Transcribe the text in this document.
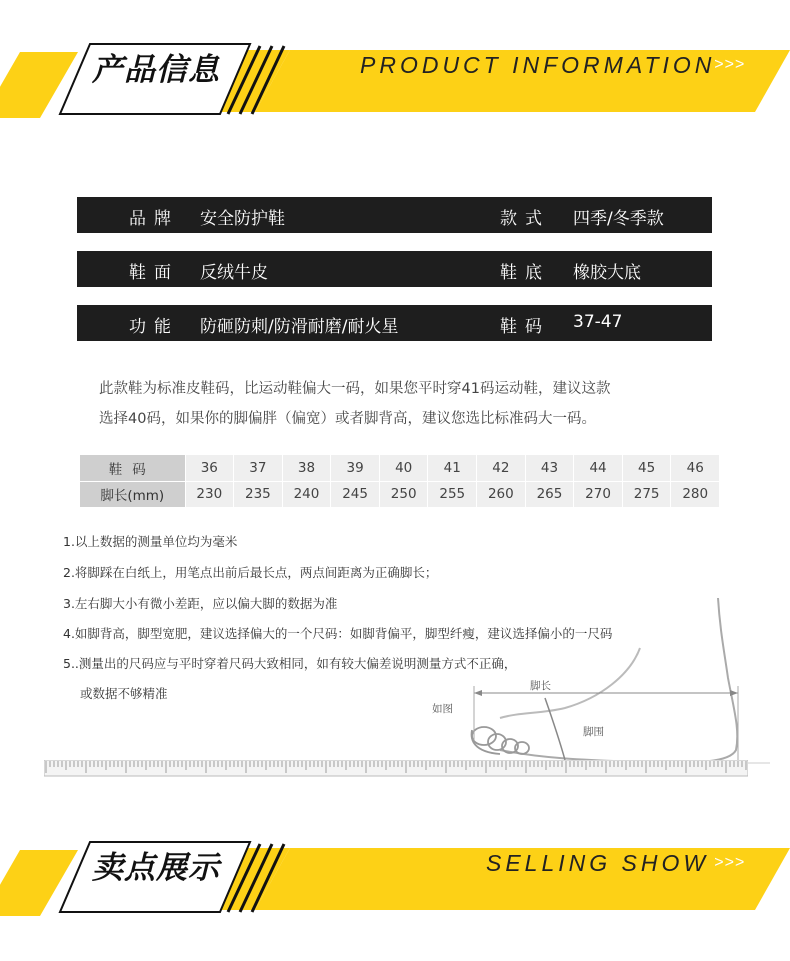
产品信息	PRODUCT INFORMATION
>>>
品牌 安全防护鞋	款式 四季/冬季款
鞋面 反绒牛皮	鞋底 橡胶大底
功能 防砸防刺/防滑耐磨/耐火星	鞋码 37-47
此款鞋为标准皮鞋码，比运动鞋偏大一码，如果您平时穿41码运动鞋，建议这款
选择40码，如果你的脚偏胖（偏宽）或者脚背高，建议您选比标准码大一码。
鞋码	36	37	38	39	40	41	42	43	44	45	46
脚长(mm)	230	235	240	245	250	255	260	265	270	275	280
脚长
如图
脚围
1.以上数据的测量单位均为毫米
2.将脚踩在白纸上，用笔点出前后最长点，两点间距离为正确脚长；
3.左右脚大小有微小差距，应以偏大脚的数据为准
4.如脚背高，脚型宽肥，建议选择偏大的一个尺码：如脚背偏平，脚型纤瘦，建议选择偏小的一尺码
5..测量出的尺码应与平时穿着尺码大致相同，如有较大偏差说明测量方式不正确，
或数据不够精准
卖点展示	SELLING SHOW >>>
